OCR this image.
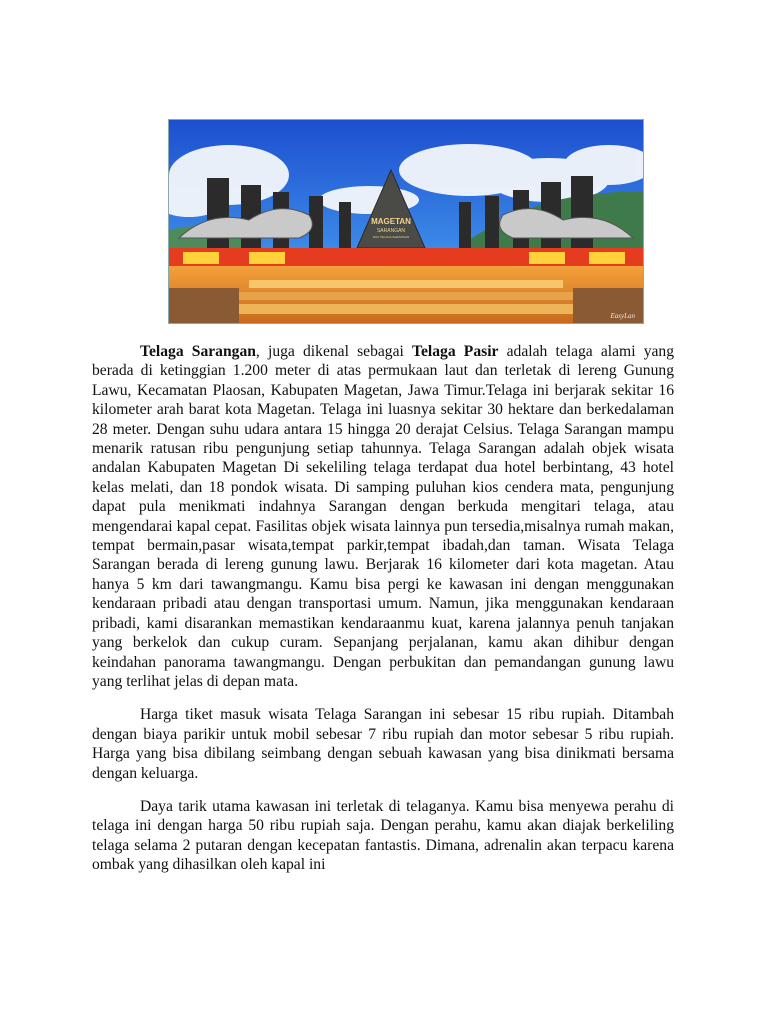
MAGETAN
SARANGAN
DAS TELAGA SARANGAN
EasyLan

Telaga Sarangan, juga dikenal sebagai Telaga Pasir adalah telaga alami yang berada di ketinggian 1.200 meter di atas permukaan laut dan terletak di lereng Gunung Lawu, Kecamatan Plaosan, Kabupaten Magetan, Jawa Timur.Telaga ini berjarak sekitar 16 kilometer arah barat kota Magetan. Telaga ini luasnya sekitar 30 hektare dan berkedalaman 28 meter. Dengan suhu udara antara 15 hingga 20 derajat Celsius. Telaga Sarangan mampu menarik ratusan ribu pengunjung setiap tahunnya. Telaga Sarangan adalah objek wisata andalan Kabupaten Magetan Di sekeliling telaga terdapat dua hotel berbintang, 43 hotel kelas melati, dan 18 pondok wisata. Di samping puluhan kios cendera mata, pengunjung dapat pula menikmati indahnya Sarangan dengan berkuda mengitari telaga, atau mengendarai kapal cepat. Fasilitas objek wisata lainnya pun tersedia,misalnya rumah makan, tempat bermain,pasar wisata,tempat parkir,tempat ibadah,dan taman. Wisata Telaga Sarangan berada di lereng gunung lawu. Berjarak 16 kilometer dari kota magetan. Atau hanya 5 km dari tawangmangu. Kamu bisa pergi ke kawasan ini dengan menggunakan kendaraan pribadi atau dengan transportasi umum. Namun, jika menggunakan kendaraan pribadi, kami disarankan memastikan kendaraanmu kuat, karena jalannya penuh tanjakan yang berkelok dan cukup curam. Sepanjang perjalanan, kamu akan dihibur dengan keindahan panorama tawangmangu. Dengan perbukitan dan pemandangan gunung lawu yang terlihat jelas di depan mata.

Harga tiket masuk wisata Telaga Sarangan ini sebesar 15 ribu rupiah. Ditambah dengan biaya parikir untuk mobil sebesar 7 ribu rupiah dan motor sebesar 5 ribu rupiah. Harga yang bisa dibilang seimbang dengan sebuah kawasan yang bisa dinikmati bersama dengan keluarga.

Daya tarik utama kawasan ini terletak di telaganya. Kamu bisa menyewa perahu di telaga ini dengan harga 50 ribu rupiah saja. Dengan perahu, kamu akan diajak berkeliling telaga selama 2 putaran dengan kecepatan fantastis. Dimana, adrenalin akan terpacu karena ombak yang dihasilkan oleh kapal ini
